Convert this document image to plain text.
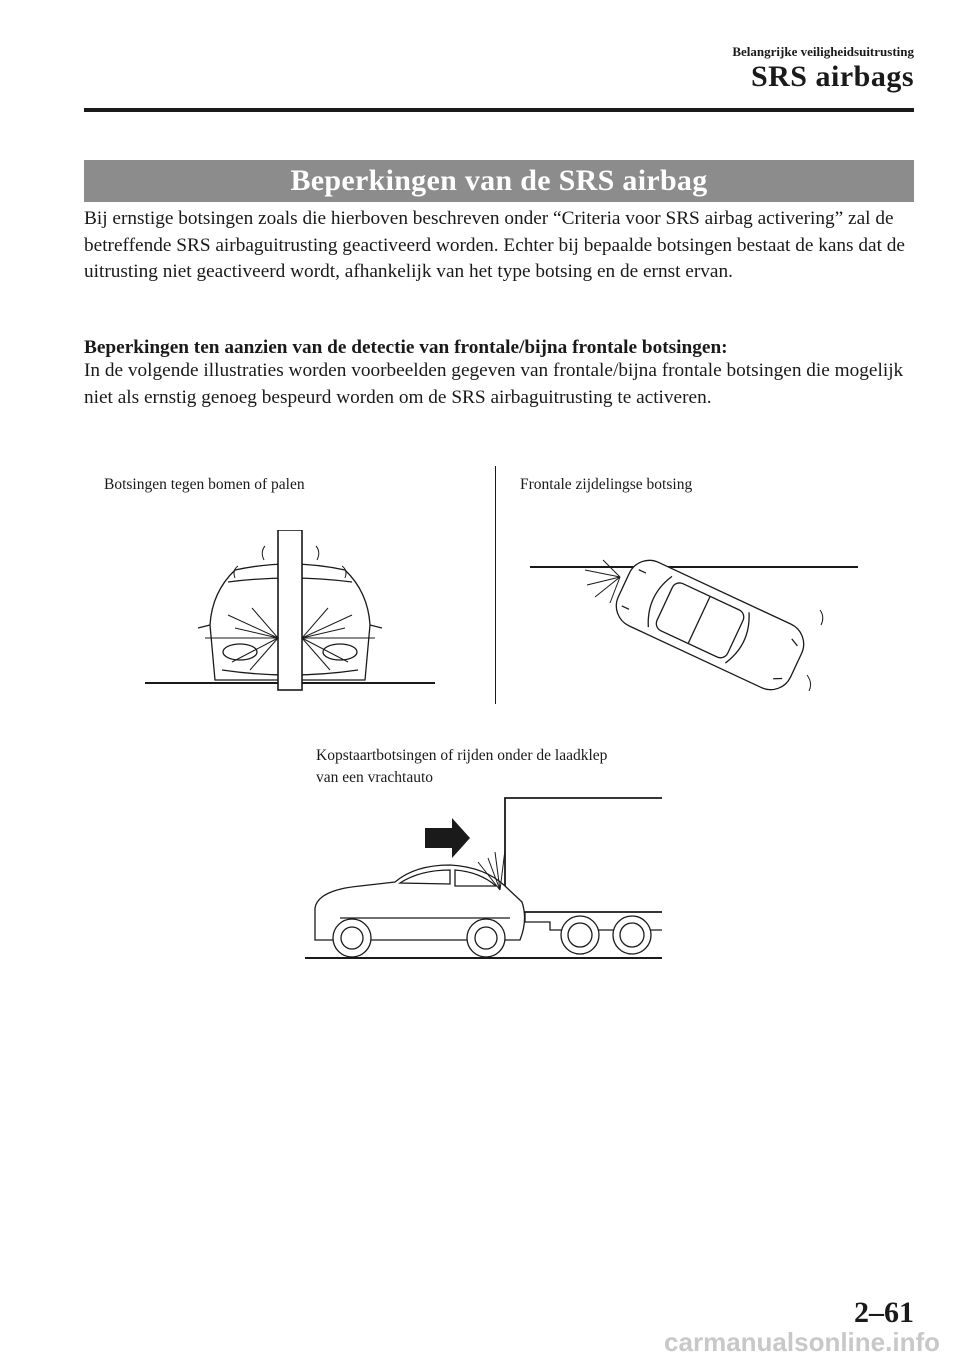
Belangrijke veiligheidsuitrusting
SRS airbags
Beperkingen van de SRS airbag
Bij ernstige botsingen zoals die hierboven beschreven onder “Criteria voor SRS airbag activering” zal de betreffende SRS airbaguitrusting geactiveerd worden. Echter bij bepaalde botsingen bestaat de kans dat de uitrusting niet geactiveerd wordt, afhankelijk van het type botsing en de ernst ervan.
Beperkingen ten aanzien van de detectie van frontale/bijna frontale botsingen:
In de volgende illustraties worden voorbeelden gegeven van frontale/bijna frontale botsingen die mogelijk niet als ernstig genoeg bespeurd worden om de SRS airbaguitrusting te activeren.
Botsingen tegen bomen of palen	Frontale zijdelingse botsing
Kopstaartbotsingen of rijden onder de laadklep
van een vrachtauto
2–61
carmanualsonline.info
